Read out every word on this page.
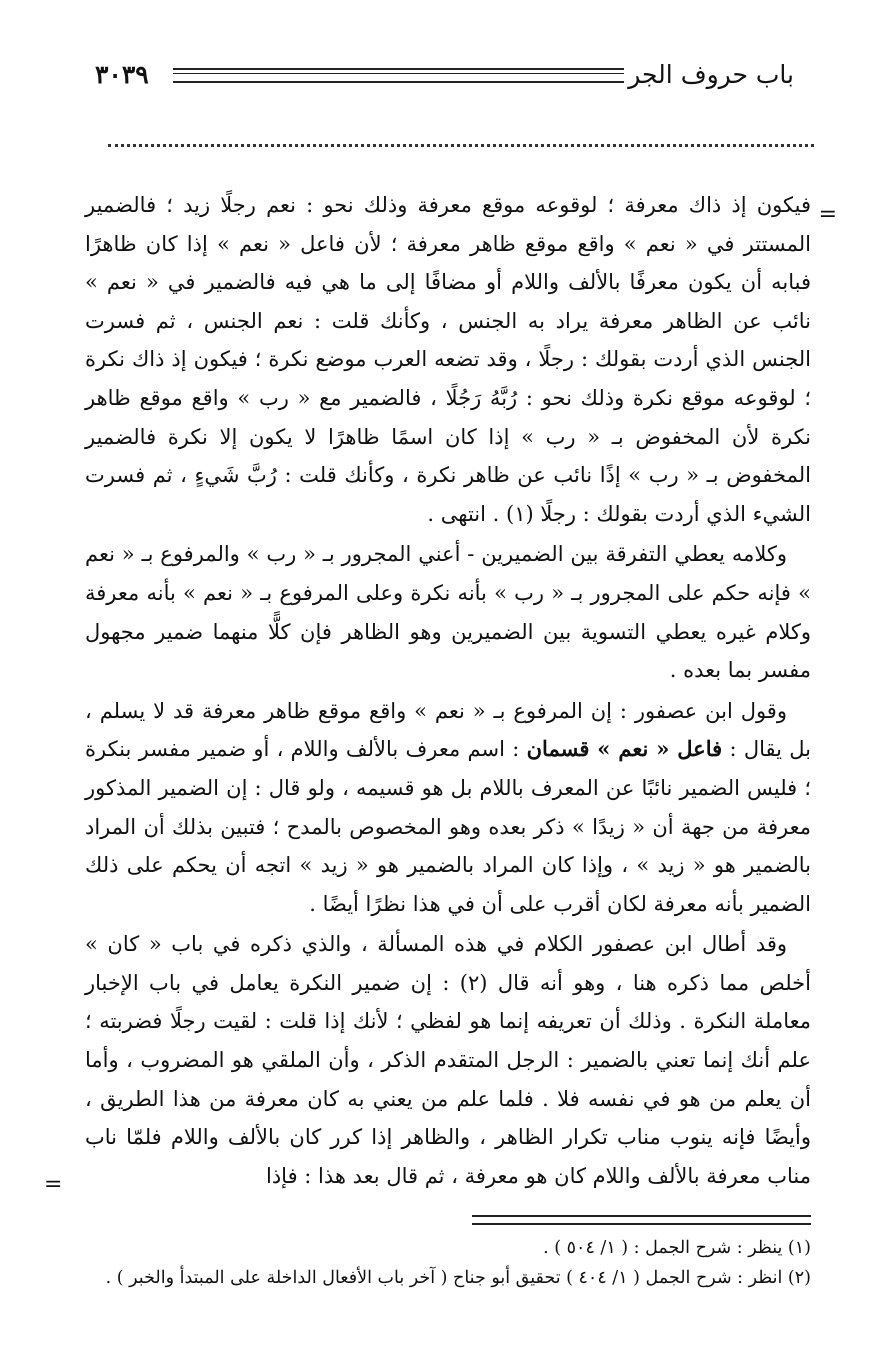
باب حروف الجر
٣٠٣٩
=

فيكون إذ ذاك معرفة ؛ لوقوعه موقع معرفة وذلك نحو : نعم رجلًا زيد ؛ فالضمير المستتر في « نعم » واقع موقع ظاهر معرفة ؛ لأن فاعل « نعم » إذا كان ظاهرًا فبابه أن يكون معرفًا بالألف واللام أو مضافًا إلى ما هي فيه فالضمير في « نعم » نائب عن الظاهر معرفة يراد به الجنس ، وكأنك قلت : نعم الجنس ، ثم فسرت الجنس الذي أردت بقولك : رجلًا ، وقد تضعه العرب موضع نكرة ؛ فيكون إذ ذاك نكرة ؛ لوقوعه موقع نكرة وذلك نحو : رُبَّهُ رَجُلًا ، فالضمير مع « رب » واقع موقع ظاهر نكرة لأن المخفوض بـ « رب » إذا كان اسمًا ظاهرًا لا يكون إلا نكرة فالضمير المخفوض بـ « رب » إذًا نائب عن ظاهر نكرة ، وكأنك قلت : رُبَّ شَيءٍ ، ثم فسرت الشيء الذي أردت بقولك : رجلًا (١) . انتهى .

وكلامه يعطي التفرقة بين الضميرين - أعني المجرور بـ « رب » والمرفوع بـ « نعم » فإنه حكم على المجرور بـ « رب » بأنه نكرة وعلى المرفوع بـ « نعم » بأنه معرفة وكلام غيره يعطي التسوية بين الضميرين وهو الظاهر فإن كلًّا منهما ضمير مجهول مفسر بما بعده .

وقول ابن عصفور : إن المرفوع بـ « نعم » واقع موقع ظاهر معرفة قد لا يسلم ، بل يقال : فاعل « نعم » قسمان : اسم معرف بالألف واللام ، أو ضمير مفسر بنكرة ؛ فليس الضمير نائبًا عن المعرف باللام بل هو قسيمه ، ولو قال : إن الضمير المذكور معرفة من جهة أن « زيدًا » ذكر بعده وهو المخصوص بالمدح ؛ فتبين بذلك أن المراد بالضمير هو « زيد » ، وإذا كان المراد بالضمير هو « زيد » اتجه أن يحكم على ذلك الضمير بأنه معرفة لكان أقرب على أن في هذا نظرًا أيضًا .

وقد أطال ابن عصفور الكلام في هذه المسألة ، والذي ذكره في باب « كان » أخلص مما ذكره هنا ، وهو أنه قال (٢) : إن ضمير النكرة يعامل في باب الإخبار معاملة النكرة . وذلك أن تعريفه إنما هو لفظي ؛ لأنك إذا قلت : لقيت رجلًا فضربته ؛ علم أنك إنما تعني بالضمير : الرجل المتقدم الذكر ، وأن الملقي هو المضروب ، وأما أن يعلم من هو في نفسه فلا . فلما علم من يعني به كان معرفة من هذا الطريق ، وأيضًا فإنه ينوب مناب تكرار الظاهر ، والظاهر إذا كرر كان بالألف واللام فلمّا ناب مناب معرفة بالألف واللام كان هو معرفة ، ثم قال بعد هذا : فإذا

=
(١) ينظر : شرح الجمل : ( ١/ ٥٠٤ ) .
(٢) انظر : شرح الجمل ( ١/ ٤٠٤ ) تحقيق أبو جناح ( آخر باب الأفعال الداخلة على المبتدأ والخبر ) .
